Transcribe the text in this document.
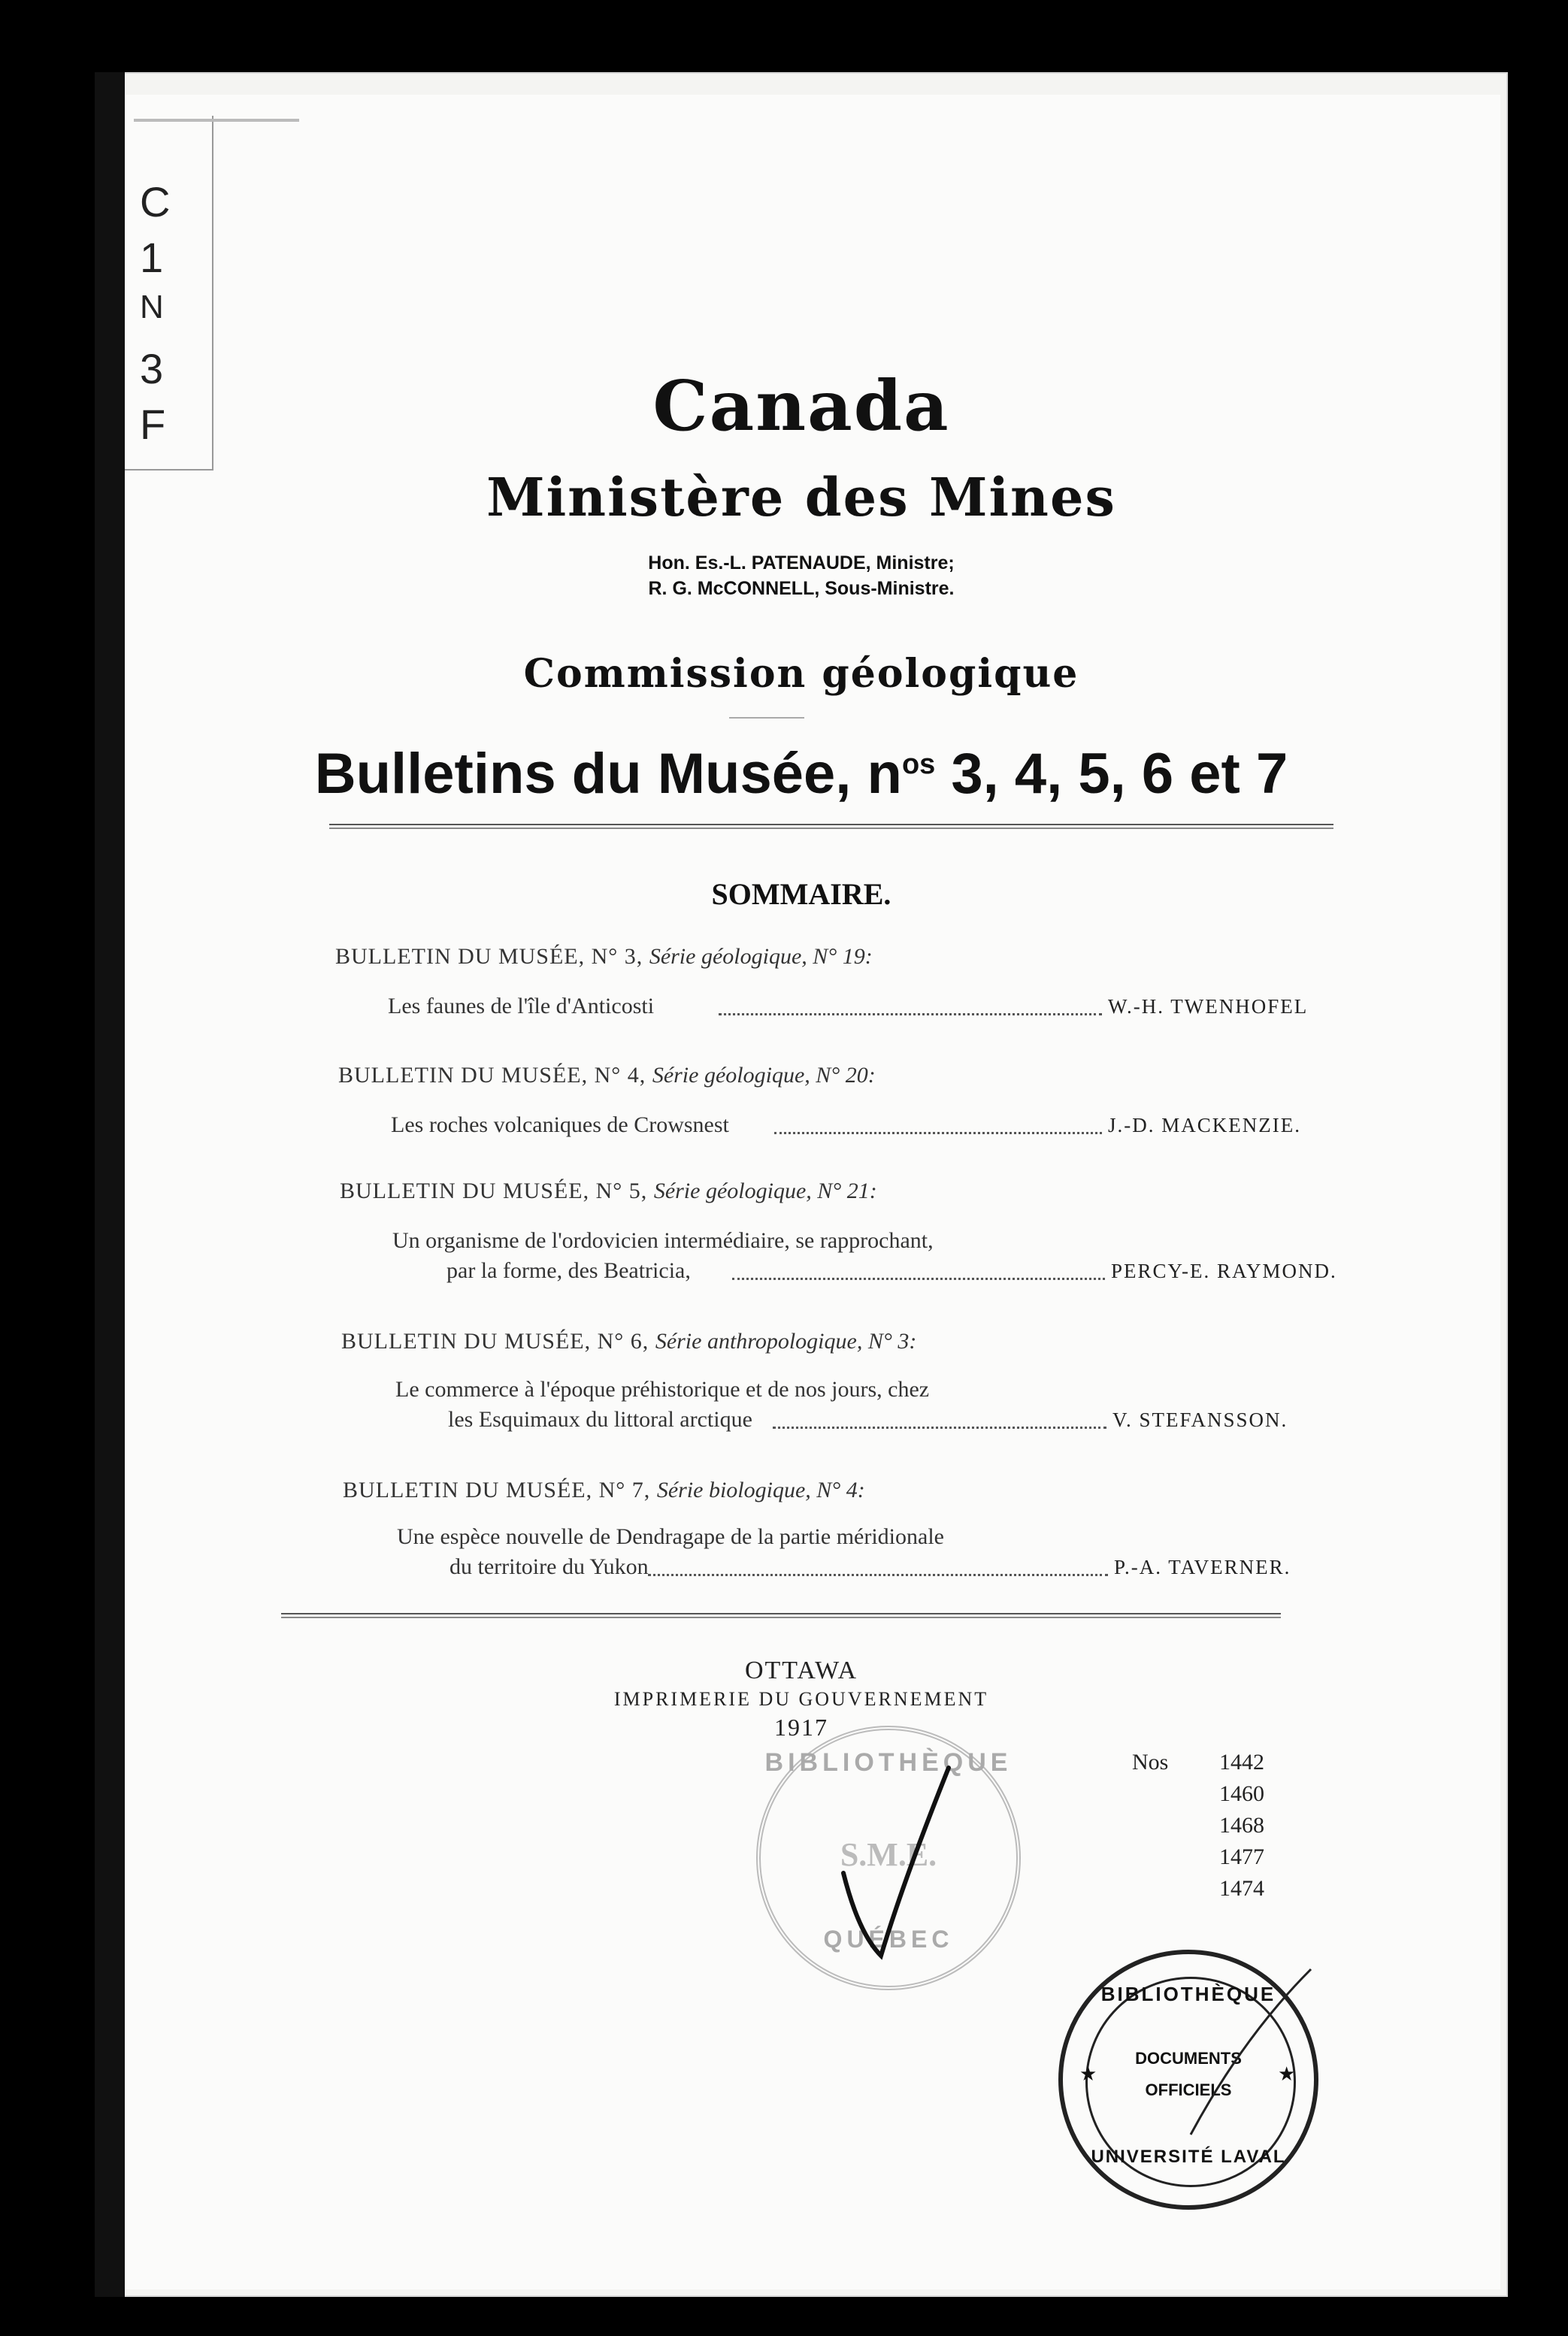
C
1
N
3
F	Canada
Ministère des Mines
Hon. Es.-L. PATENAUDE, Ministre;
R. G. McCONNELL, Sous-Ministre.
Commission géologique
Bulletins du Musée, $n^{os}$ 3, 4, 5, 6 et 7
SOMMAIRE.
BULLETIN DU MUSÉE, N° 3, Série géologique, N° 19:
Les faunes de l'île d'Anticosti	W.-H. TWENHOFEL
BULLETIN DU MUSÉE, N° 4, Série géologique, N° 20:
Les roches volcaniques de Crowsnest	J.-D. MACKENZIE.
BULLETIN DU MUSÉE, N° 5, Série géologique, N° 21:
Un organisme de l'ordovicien intermédiaire, se rapprochant,
par la forme, des Beatricia,	PERCY-E. RAYMOND.
BULLETIN DU MUSÉE, N° 6, Série anthropologique, N° 3:
Le commerce à l'époque préhistorique et de nos jours, chez
les Esquimaux du littoral arctique	V. STEFANSSON.
BULLETIN DU MUSÉE, N° 7, Série biologique, N° 4:
Une espèce nouvelle de Dendragape de la partie méridionale
du territoire du Yukon	P.-A. TAVERNER.
OTTAWA
IMPRIMERIE DU GOUVERNEMENT
1917
Nos	1442
1460
1468
1477
1474
BIBLIOTHÈQUE
S.M.E.
QUÉBEC
BIBLIOTHÈQUE
DOCUMENTS
OFFICIELS
UNIVERSITÉ LAVAL
★	★
